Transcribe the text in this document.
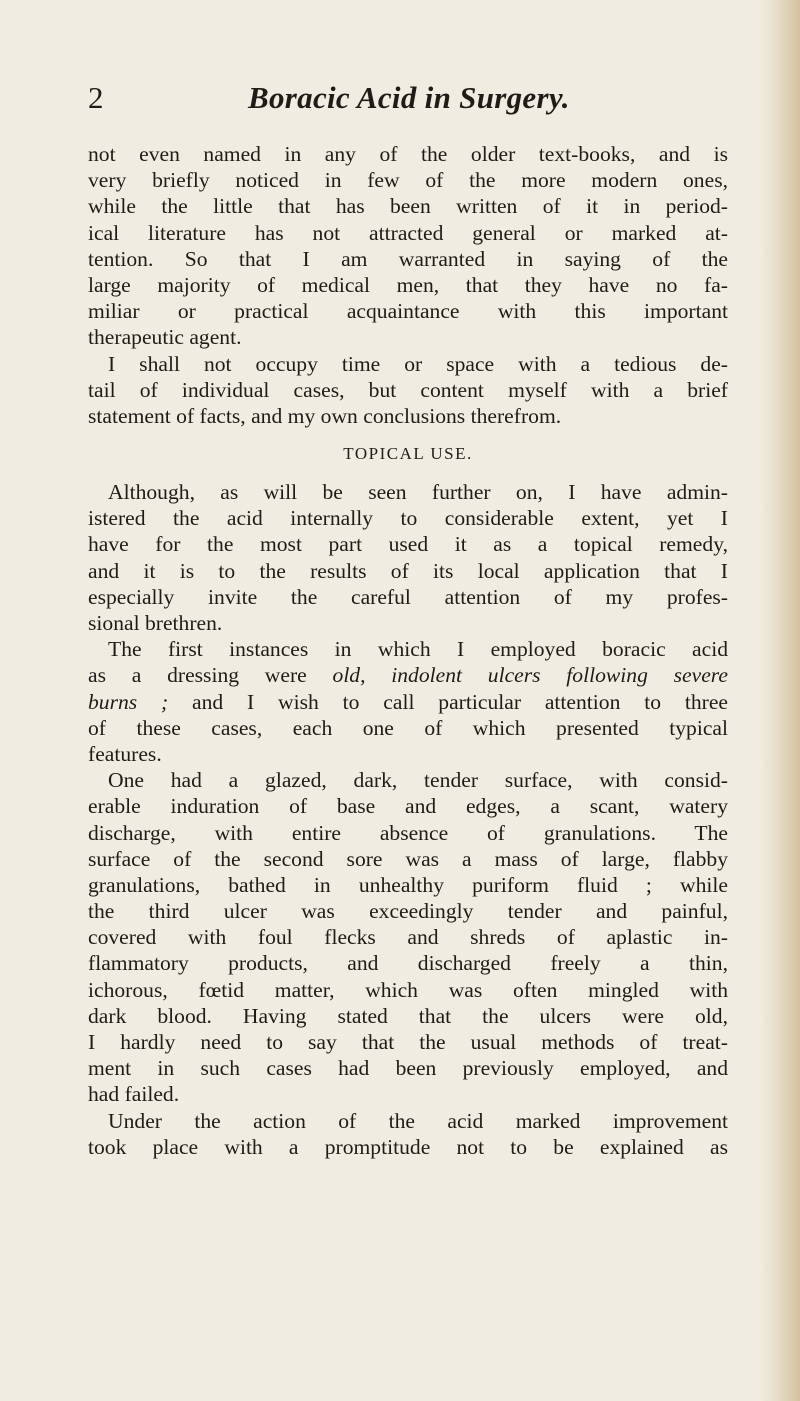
2	Boracic Acid in Surgery.
not even named in any of the older text-books, and is
very briefly noticed in few of the more modern ones,
while the little that has been written of it in period-
ical literature has not attracted general or marked at-
tention. So that I am warranted in saying of the
large majority of medical men, that they have no fa-
miliar or practical acquaintance with this important
therapeutic agent.
I shall not occupy time or space with a tedious de-
tail of individual cases, but content myself with a brief
statement of facts, and my own conclusions therefrom.
TOPICAL USE.
Although, as will be seen further on, I have admin-
istered the acid internally to considerable extent, yet I
have for the most part used it as a topical remedy,
and it is to the results of its local application that I
especially invite the careful attention of my profes-
sional brethren.
The first instances in which I employed boracic acid
as a dressing were old, indolent ulcers following severe
burns ; and I wish to call particular attention to three
of these cases, each one of which presented typical
features.
One had a glazed, dark, tender surface, with consid-
erable induration of base and edges, a scant, watery
discharge, with entire absence of granulations. The
surface of the second sore was a mass of large, flabby
granulations, bathed in unhealthy puriform fluid ; while
the third ulcer was exceedingly tender and painful,
covered with foul flecks and shreds of aplastic in-
flammatory products, and discharged freely a thin,
ichorous, fœtid matter, which was often mingled with
dark blood. Having stated that the ulcers were old,
I hardly need to say that the usual methods of treat-
ment in such cases had been previously employed, and
had failed.
Under the action of the acid marked improvement
took place with a promptitude not to be explained as
